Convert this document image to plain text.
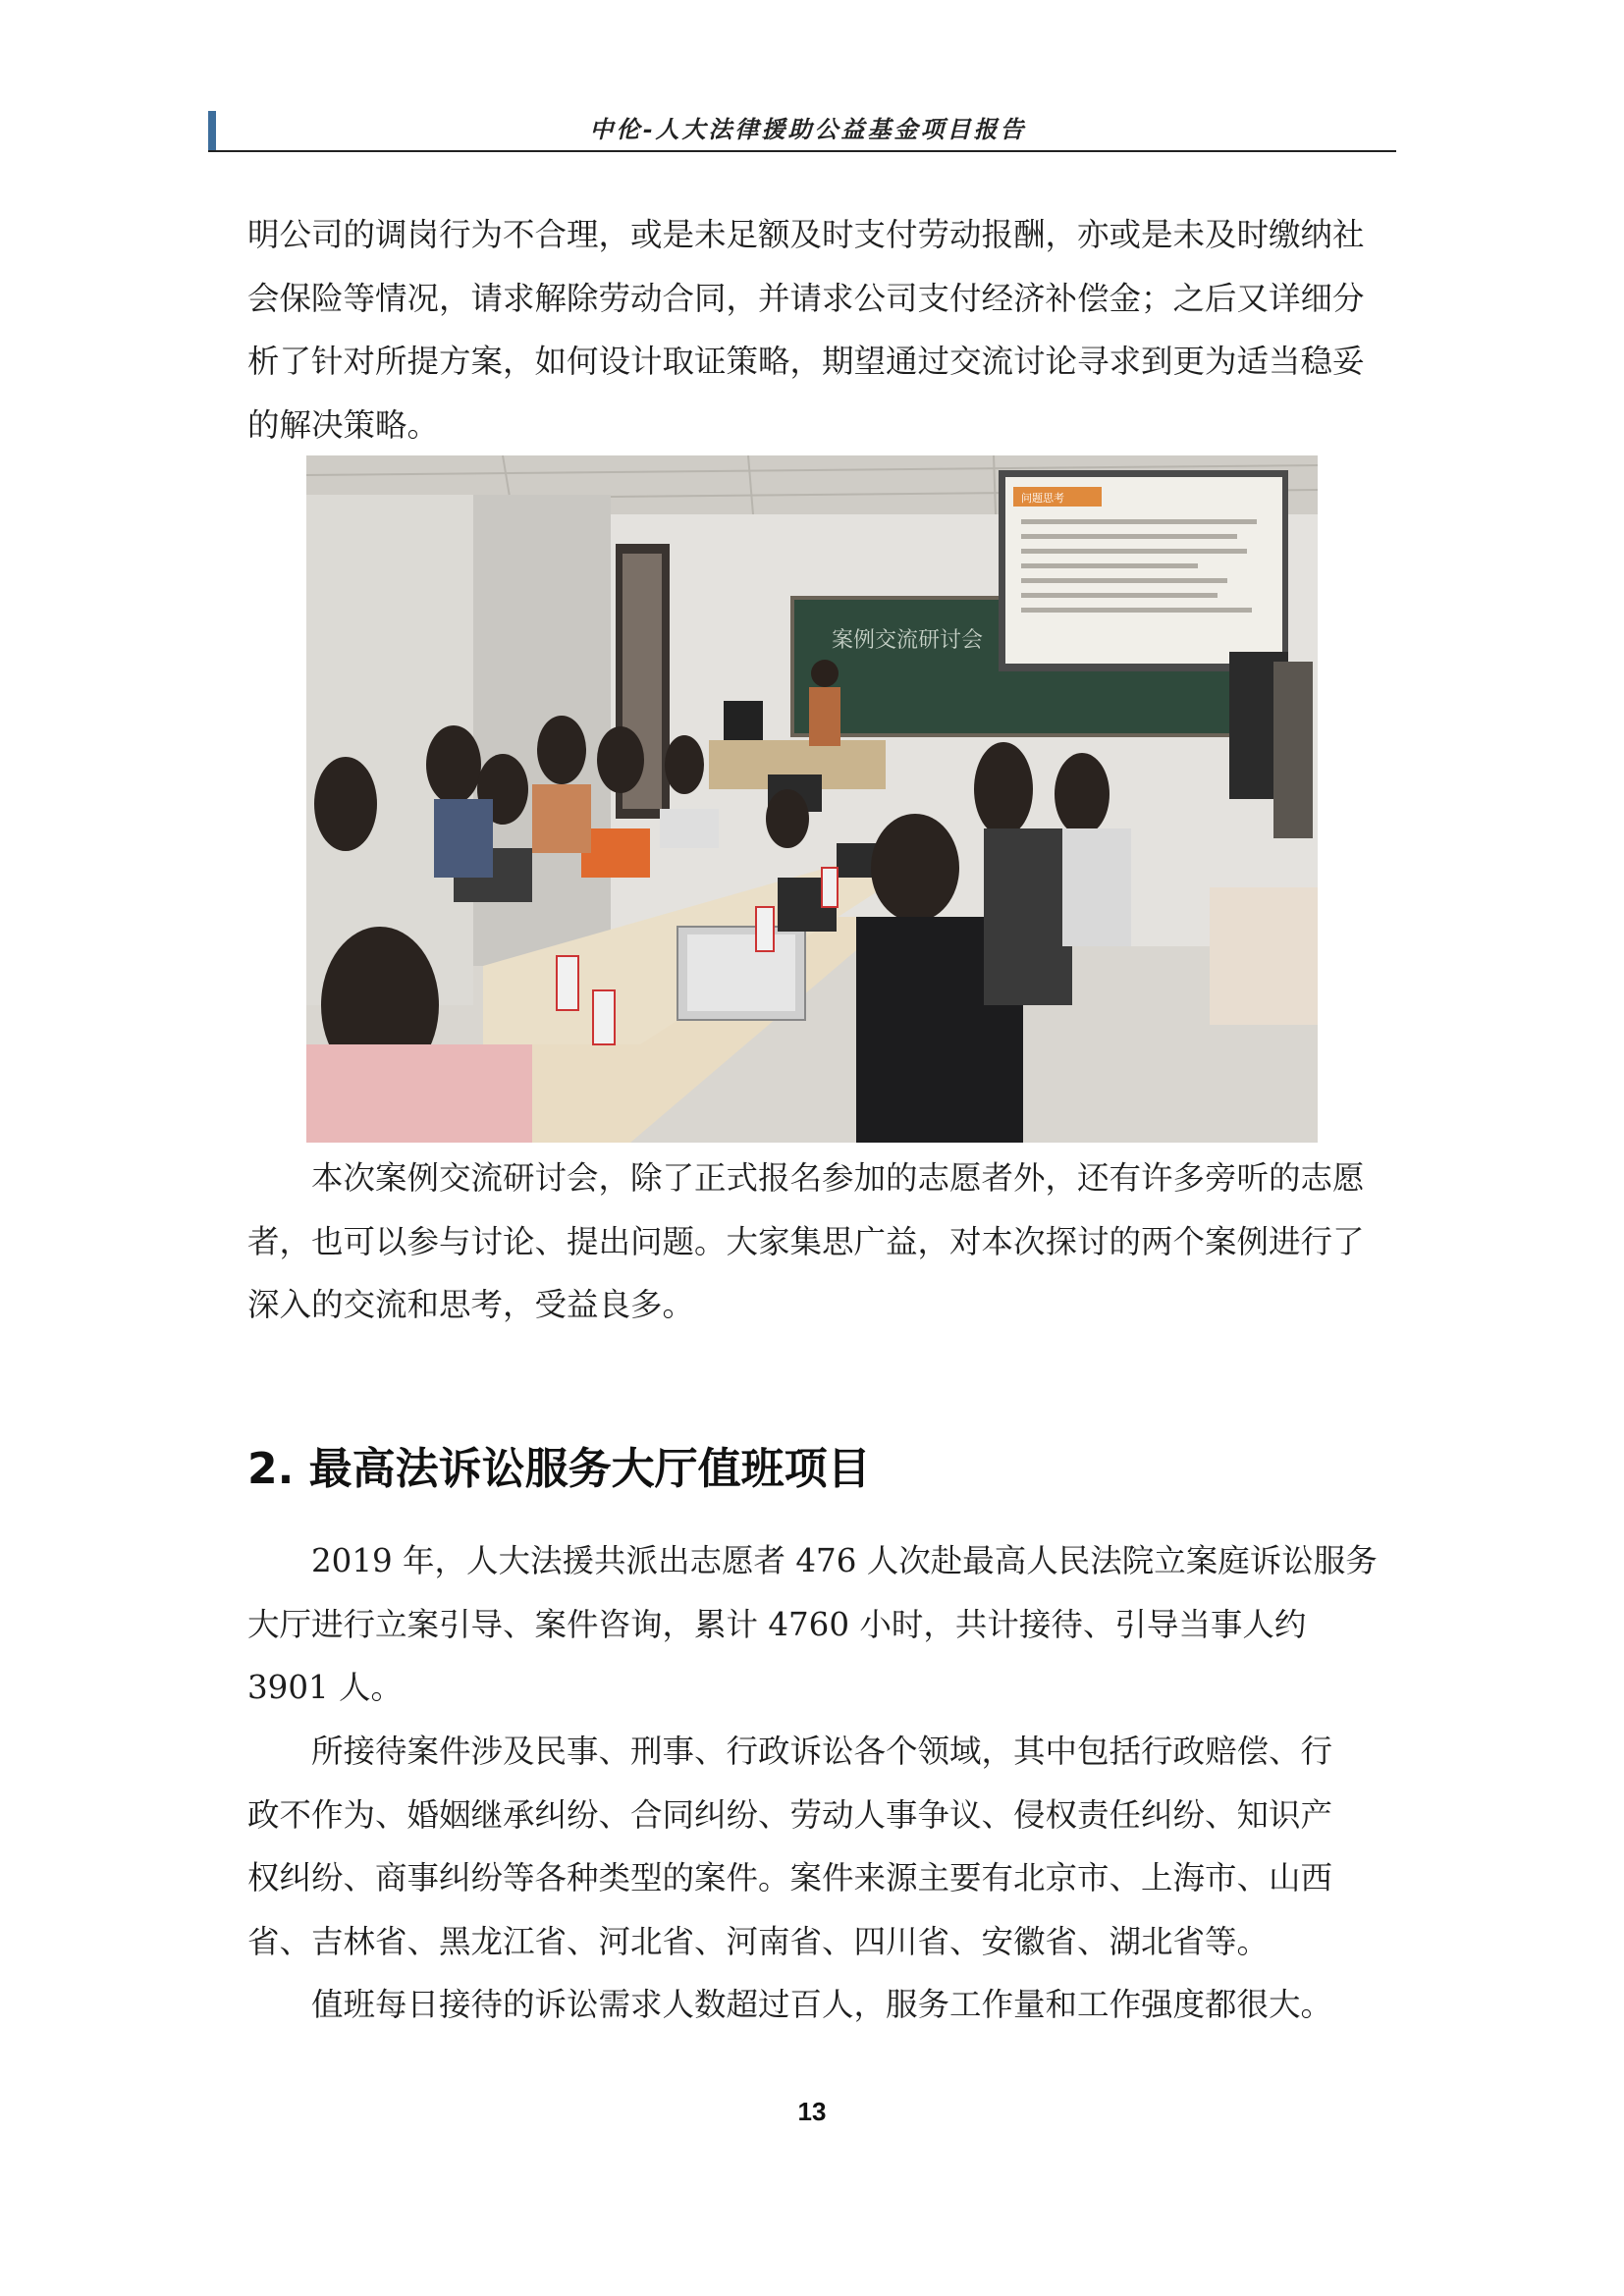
中伦-人大法律援助公益基金项目报告

明公司的调岗行为不合理，或是未足额及时支付劳动报酬，亦或是未及时缴纳社
会保险等情况，请求解除劳动合同，并请求公司支付经济补偿金；之后又详细分
析了针对所提方案，如何设计取证策略，期望通过交流讨论寻求到更为适当稳妥
的解决策略。

案例交流研讨会
问题思考

本次案例交流研讨会，除了正式报名参加的志愿者外，还有许多旁听的志愿
者，也可以参与讨论、提出问题。大家集思广益，对本次探讨的两个案例进行了
深入的交流和思考，受益良多。

2. 最高法诉讼服务大厅值班项目

2019 年，人大法援共派出志愿者 476 人次赴最高人民法院立案庭诉讼服务
大厅进行立案引导、案件咨询，累计 4760 小时，共计接待、引导当事人约
3901 人。

所接待案件涉及民事、刑事、行政诉讼各个领域，其中包括行政赔偿、行
政不作为、婚姻继承纠纷、合同纠纷、劳动人事争议、侵权责任纠纷、知识产
权纠纷、商事纠纷等各种类型的案件。案件来源主要有北京市、上海市、山西
省、吉林省、黑龙江省、河北省、河南省、四川省、安徽省、湖北省等。

值班每日接待的诉讼需求人数超过百人，服务工作量和工作强度都很大。

13
